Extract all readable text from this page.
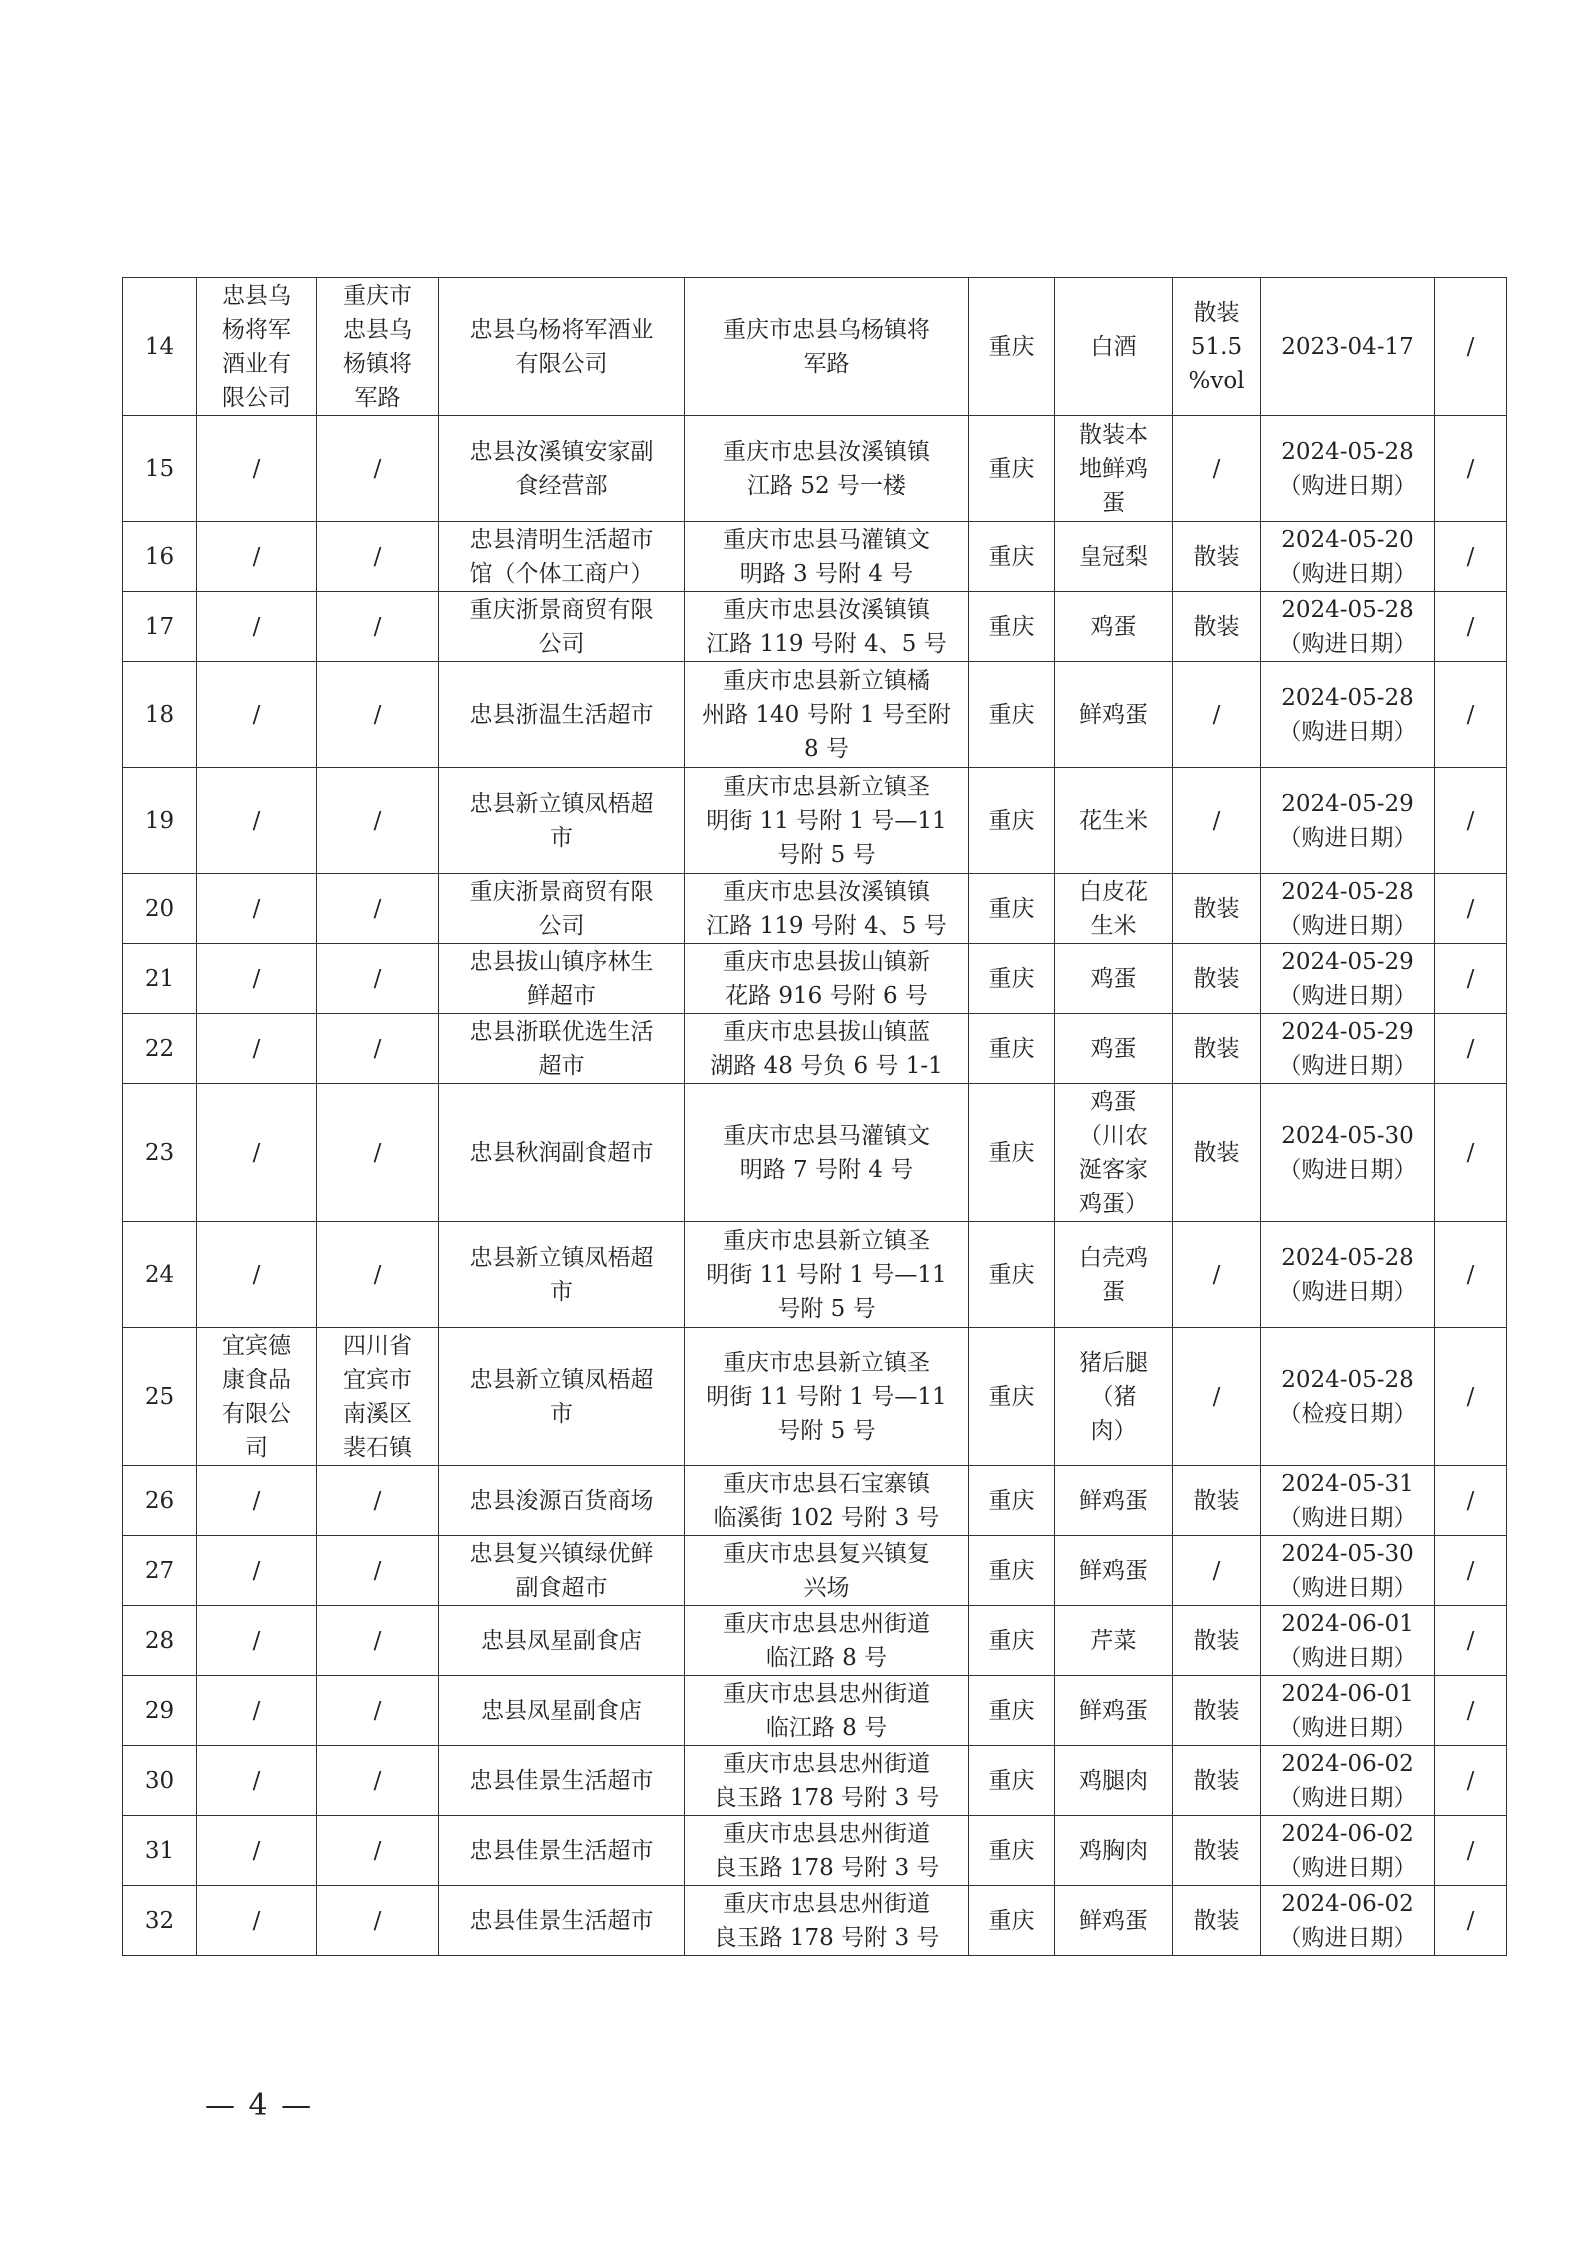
14	忠县乌
杨将军
酒业有
限公司	重庆市
忠县乌
杨镇将
军路	忠县乌杨将军酒业
有限公司	重庆市忠县乌杨镇将
军路	重庆	白酒	散装
51.5
%vol	2023-04-17	/
15	/	/	忠县汝溪镇安家副
食经营部	重庆市忠县汝溪镇镇
江路 52 号一楼	重庆	散装本
地鲜鸡
蛋	/	2024-05-28
（购进日期）	/
16	/	/	忠县清明生活超市
馆（个体工商户）	重庆市忠县马灌镇文
明路 3 号附 4 号	重庆	皇冠梨	散装	2024-05-20
（购进日期）	/
17	/	/	重庆浙景商贸有限
公司	重庆市忠县汝溪镇镇
江路 119 号附 4、5 号	重庆	鸡蛋	散装	2024-05-28
（购进日期）	/
18	/	/	忠县浙温生活超市	重庆市忠县新立镇橘
州路 140 号附 1 号至附
8 号	重庆	鲜鸡蛋	/	2024-05-28
（购进日期）	/
19	/	/	忠县新立镇凤梧超
市	重庆市忠县新立镇圣
明街 11 号附 1 号—11
号附 5 号	重庆	花生米	/	2024-05-29
（购进日期）	/
20	/	/	重庆浙景商贸有限
公司	重庆市忠县汝溪镇镇
江路 119 号附 4、5 号	重庆	白皮花
生米	散装	2024-05-28
（购进日期）	/
21	/	/	忠县拔山镇序林生
鲜超市	重庆市忠县拔山镇新
花路 916 号附 6 号	重庆	鸡蛋	散装	2024-05-29
（购进日期）	/
22	/	/	忠县浙联优选生活
超市	重庆市忠县拔山镇蓝
湖路 48 号负 6 号 1-1	重庆	鸡蛋	散装	2024-05-29
（购进日期）	/
23	/	/	忠县秋润副食超市	重庆市忠县马灌镇文
明路 7 号附 4 号	重庆	鸡蛋
（川农
涎客家
鸡蛋）	散装	2024-05-30
（购进日期）	/
24	/	/	忠县新立镇凤梧超
市	重庆市忠县新立镇圣
明街 11 号附 1 号—11
号附 5 号	重庆	白壳鸡
蛋	/	2024-05-28
（购进日期）	/
25	宜宾德
康食品
有限公
司	四川省
宜宾市
南溪区
裴石镇	忠县新立镇凤梧超
市	重庆市忠县新立镇圣
明街 11 号附 1 号—11
号附 5 号	重庆	猪后腿
（猪
肉）	/	2024-05-28
（检疫日期）	/
26	/	/	忠县浚源百货商场	重庆市忠县石宝寨镇
临溪街 102 号附 3 号	重庆	鲜鸡蛋	散装	2024-05-31
（购进日期）	/
27	/	/	忠县复兴镇绿优鲜
副食超市	重庆市忠县复兴镇复
兴场	重庆	鲜鸡蛋	/	2024-05-30
（购进日期）	/
28	/	/	忠县凤星副食店	重庆市忠县忠州街道
临江路 8 号	重庆	芹菜	散装	2024-06-01
（购进日期）	/
29	/	/	忠县凤星副食店	重庆市忠县忠州街道
临江路 8 号	重庆	鲜鸡蛋	散装	2024-06-01
（购进日期）	/
30	/	/	忠县佳景生活超市	重庆市忠县忠州街道
良玉路 178 号附 3 号	重庆	鸡腿肉	散装	2024-06-02
（购进日期）	/
31	/	/	忠县佳景生活超市	重庆市忠县忠州街道
良玉路 178 号附 3 号	重庆	鸡胸肉	散装	2024-06-02
（购进日期）	/
32	/	/	忠县佳景生活超市	重庆市忠县忠州街道
良玉路 178 号附 3 号	重庆	鲜鸡蛋	散装	2024-06-02
（购进日期）	/
— 4 —
